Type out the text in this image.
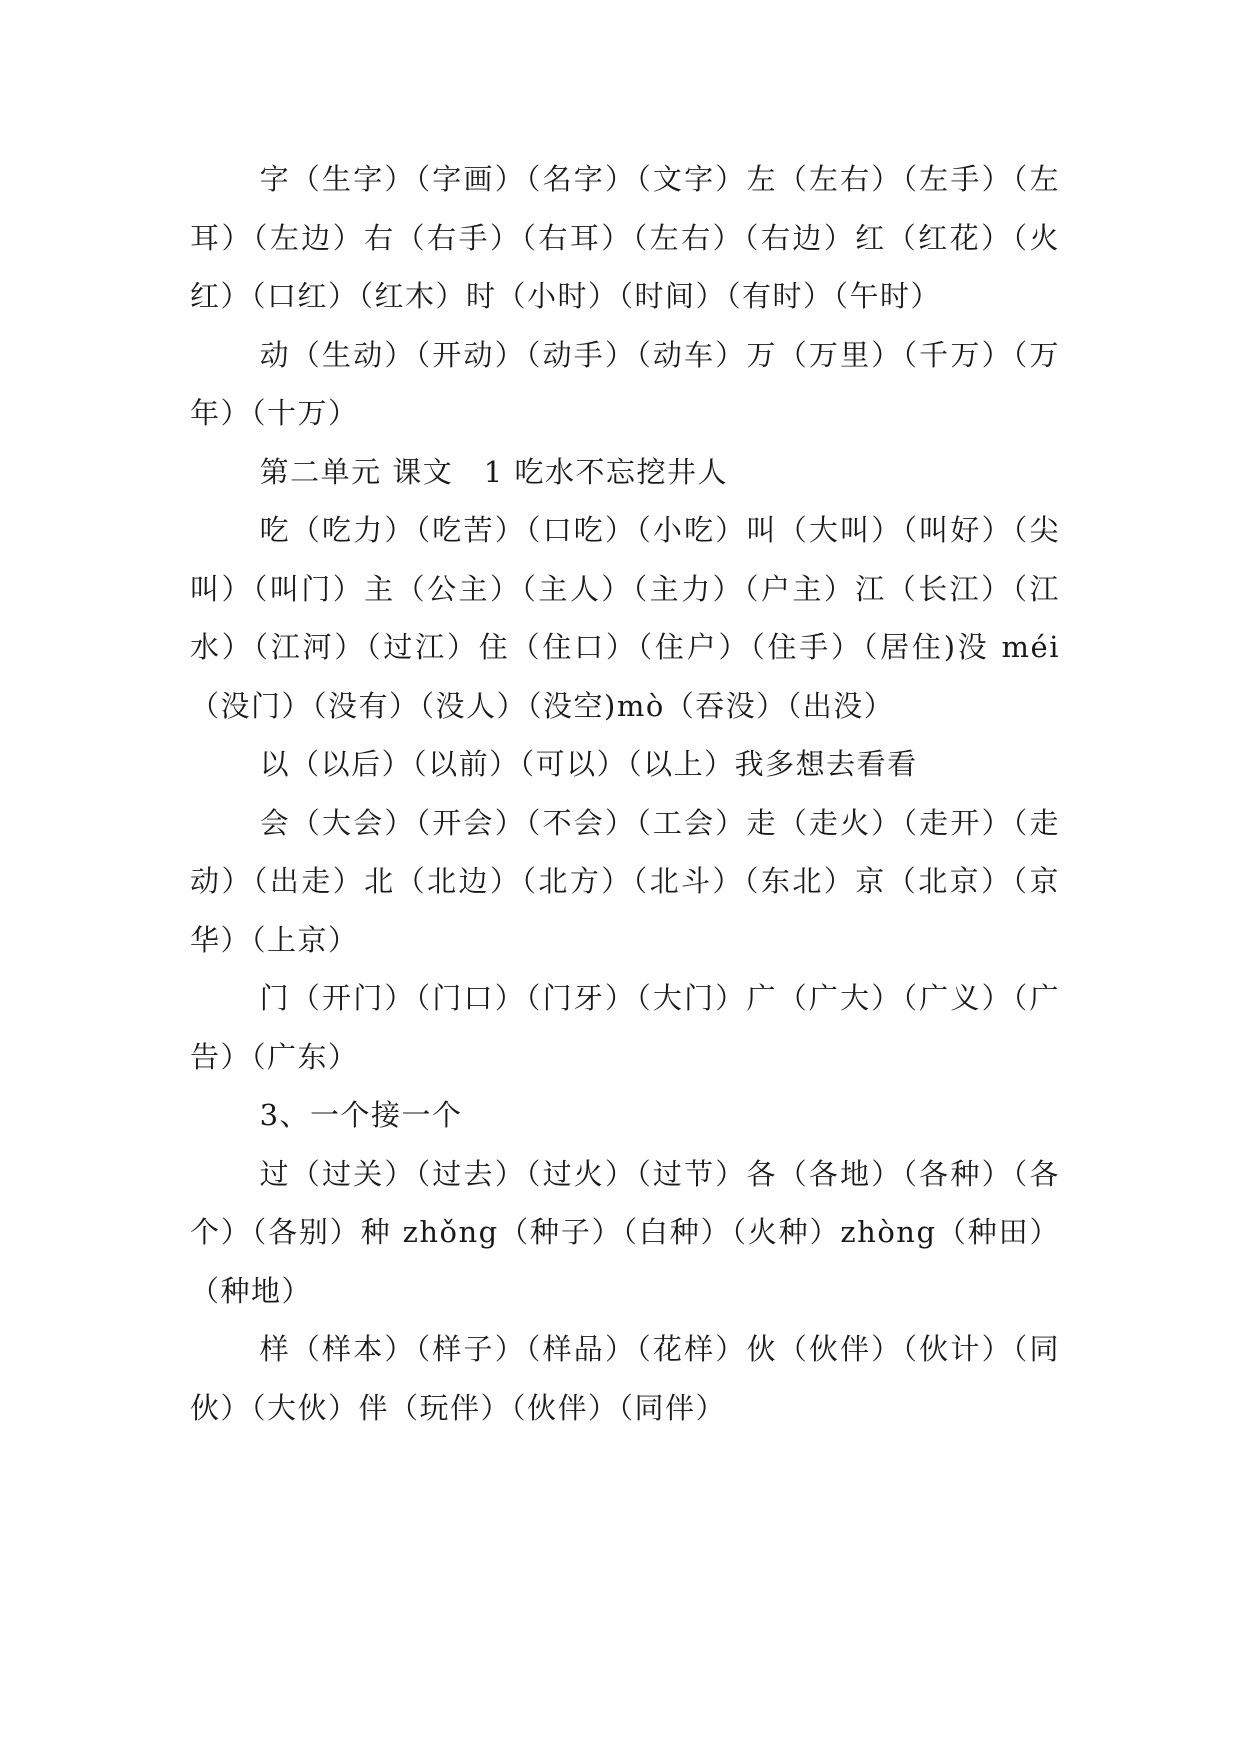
字（生字）（字画）（名字）（文字）左（左右）（左手）（左耳）（左边）右（右手）（右耳）（左右）（右边）红（红花）（火红）（口红）（红木）时（小时）（时间）（有时）（午时）

动（生动）（开动）（动手）（动车）万（万里）（千万）（万年）（十万）

第二单元 课文　1 吃水不忘挖井人

吃（吃力）（吃苦）（口吃）（小吃）叫（大叫）（叫好）（尖叫）（叫门）主（公主）（主人）（主力）（户主）江（长江）（江水）（江河）（过江）住（住口）（住户）（住手）（居住)没 méi（没门）（没有）（没人）（没空)mò（吞没）（出没）

以（以后）（以前）（可以）（以上）我多想去看看

会（大会）（开会）（不会）（工会）走（走火）（走开）（走动）（出走）北（北边）（北方）（北斗）（东北）京（北京）（京华）（上京）

门（开门）（门口）（门牙）（大门）广（广大）（广义）（广告）（广东）

3、一个接一个

过（过关）（过去）（过火）（过节）各（各地）（各种）（各个）（各别）种 zhǒng（种子）（白种）（火种）zhòng（种田）（种地）

样（样本）（样子）（样品）（花样）伙（伙伴）（伙计）（同伙）（大伙）伴（玩伴）（伙伴）（同伴）
